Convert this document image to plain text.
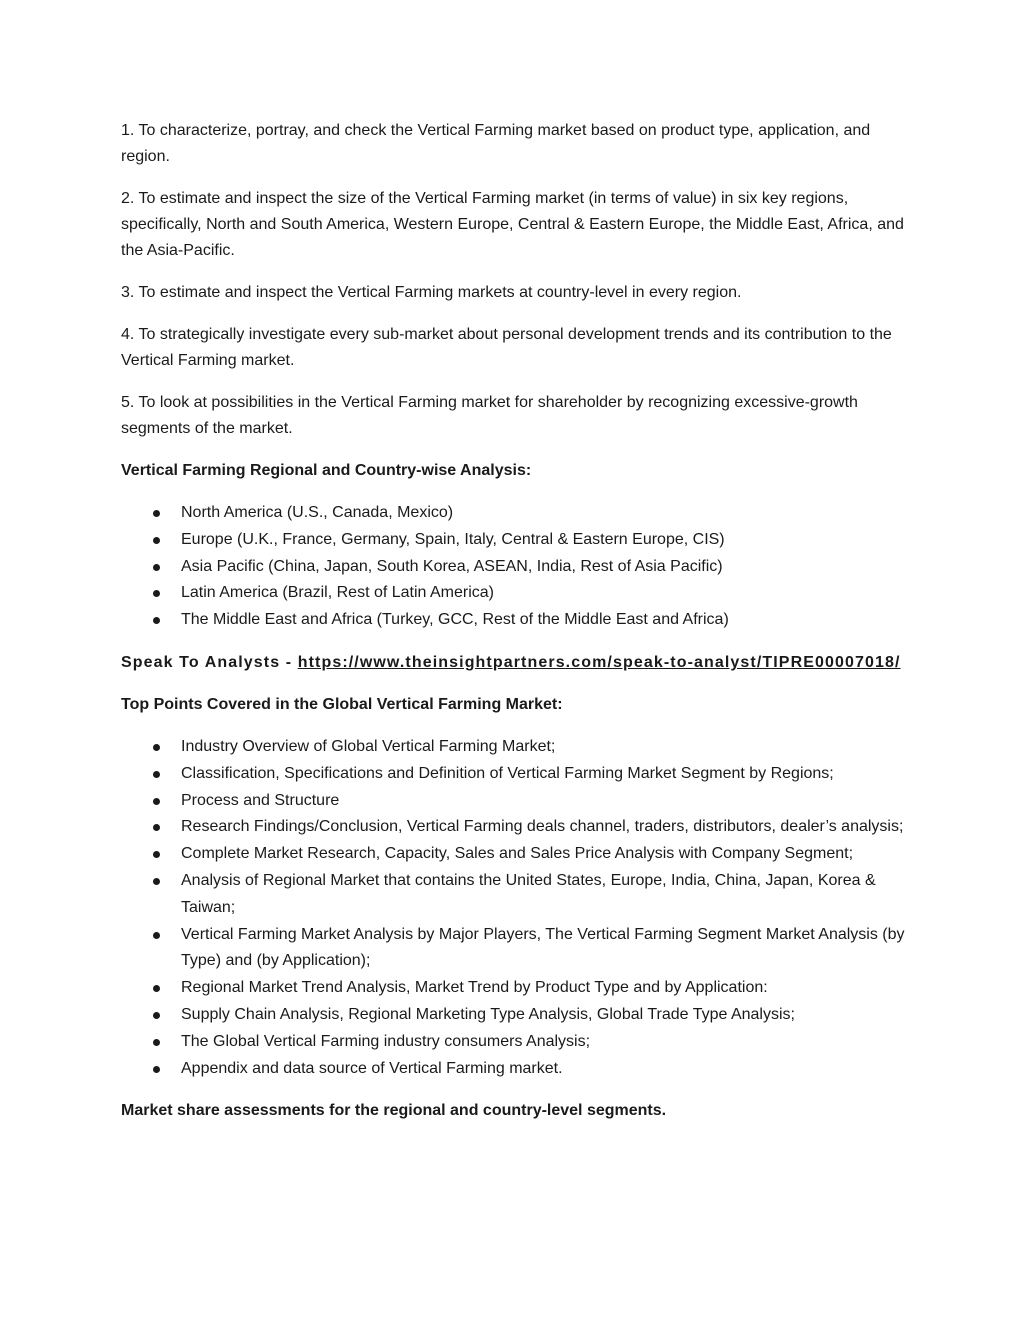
1. To characterize, portray, and check the Vertical Farming market based on product type, application, and region.

2. To estimate and inspect the size of the Vertical Farming market (in terms of value) in six key regions, specifically, North and South America, Western Europe, Central & Eastern Europe, the Middle East, Africa, and the Asia-Pacific.

3. To estimate and inspect the Vertical Farming markets at country-level in every region.

4. To strategically investigate every sub-market about personal development trends and its contribution to the Vertical Farming market.

5. To look at possibilities in the Vertical Farming market for shareholder by recognizing excessive-growth segments of the market.

Vertical Farming Regional and Country-wise Analysis:

North America (U.S., Canada, Mexico)
Europe (U.K., France, Germany, Spain, Italy, Central & Eastern Europe, CIS)
Asia Pacific (China, Japan, South Korea, ASEAN, India, Rest of Asia Pacific)
Latin America (Brazil, Rest of Latin America)
The Middle East and Africa (Turkey, GCC, Rest of the Middle East and Africa)

Speak To Analysts - https://www.theinsightpartners.com/speak-to-analyst/TIPRE00007018/

Top Points Covered in the Global Vertical Farming Market:

Industry Overview of Global Vertical Farming Market;
Classification, Specifications and Definition of Vertical Farming Market Segment by Regions;
Process and Structure
Research Findings/Conclusion, Vertical Farming deals channel, traders, distributors, dealer’s analysis;
Complete Market Research, Capacity, Sales and Sales Price Analysis with Company Segment;
Analysis of Regional Market that contains the United States, Europe, India, China, Japan, Korea & Taiwan;
Vertical Farming Market Analysis by Major Players, The Vertical Farming Segment Market Analysis (by Type) and (by Application);
Regional Market Trend Analysis, Market Trend by Product Type and by Application:
Supply Chain Analysis, Regional Marketing Type Analysis, Global Trade Type Analysis;
The Global Vertical Farming industry consumers Analysis;
Appendix and data source of Vertical Farming market.

Market share assessments for the regional and country-level segments.
